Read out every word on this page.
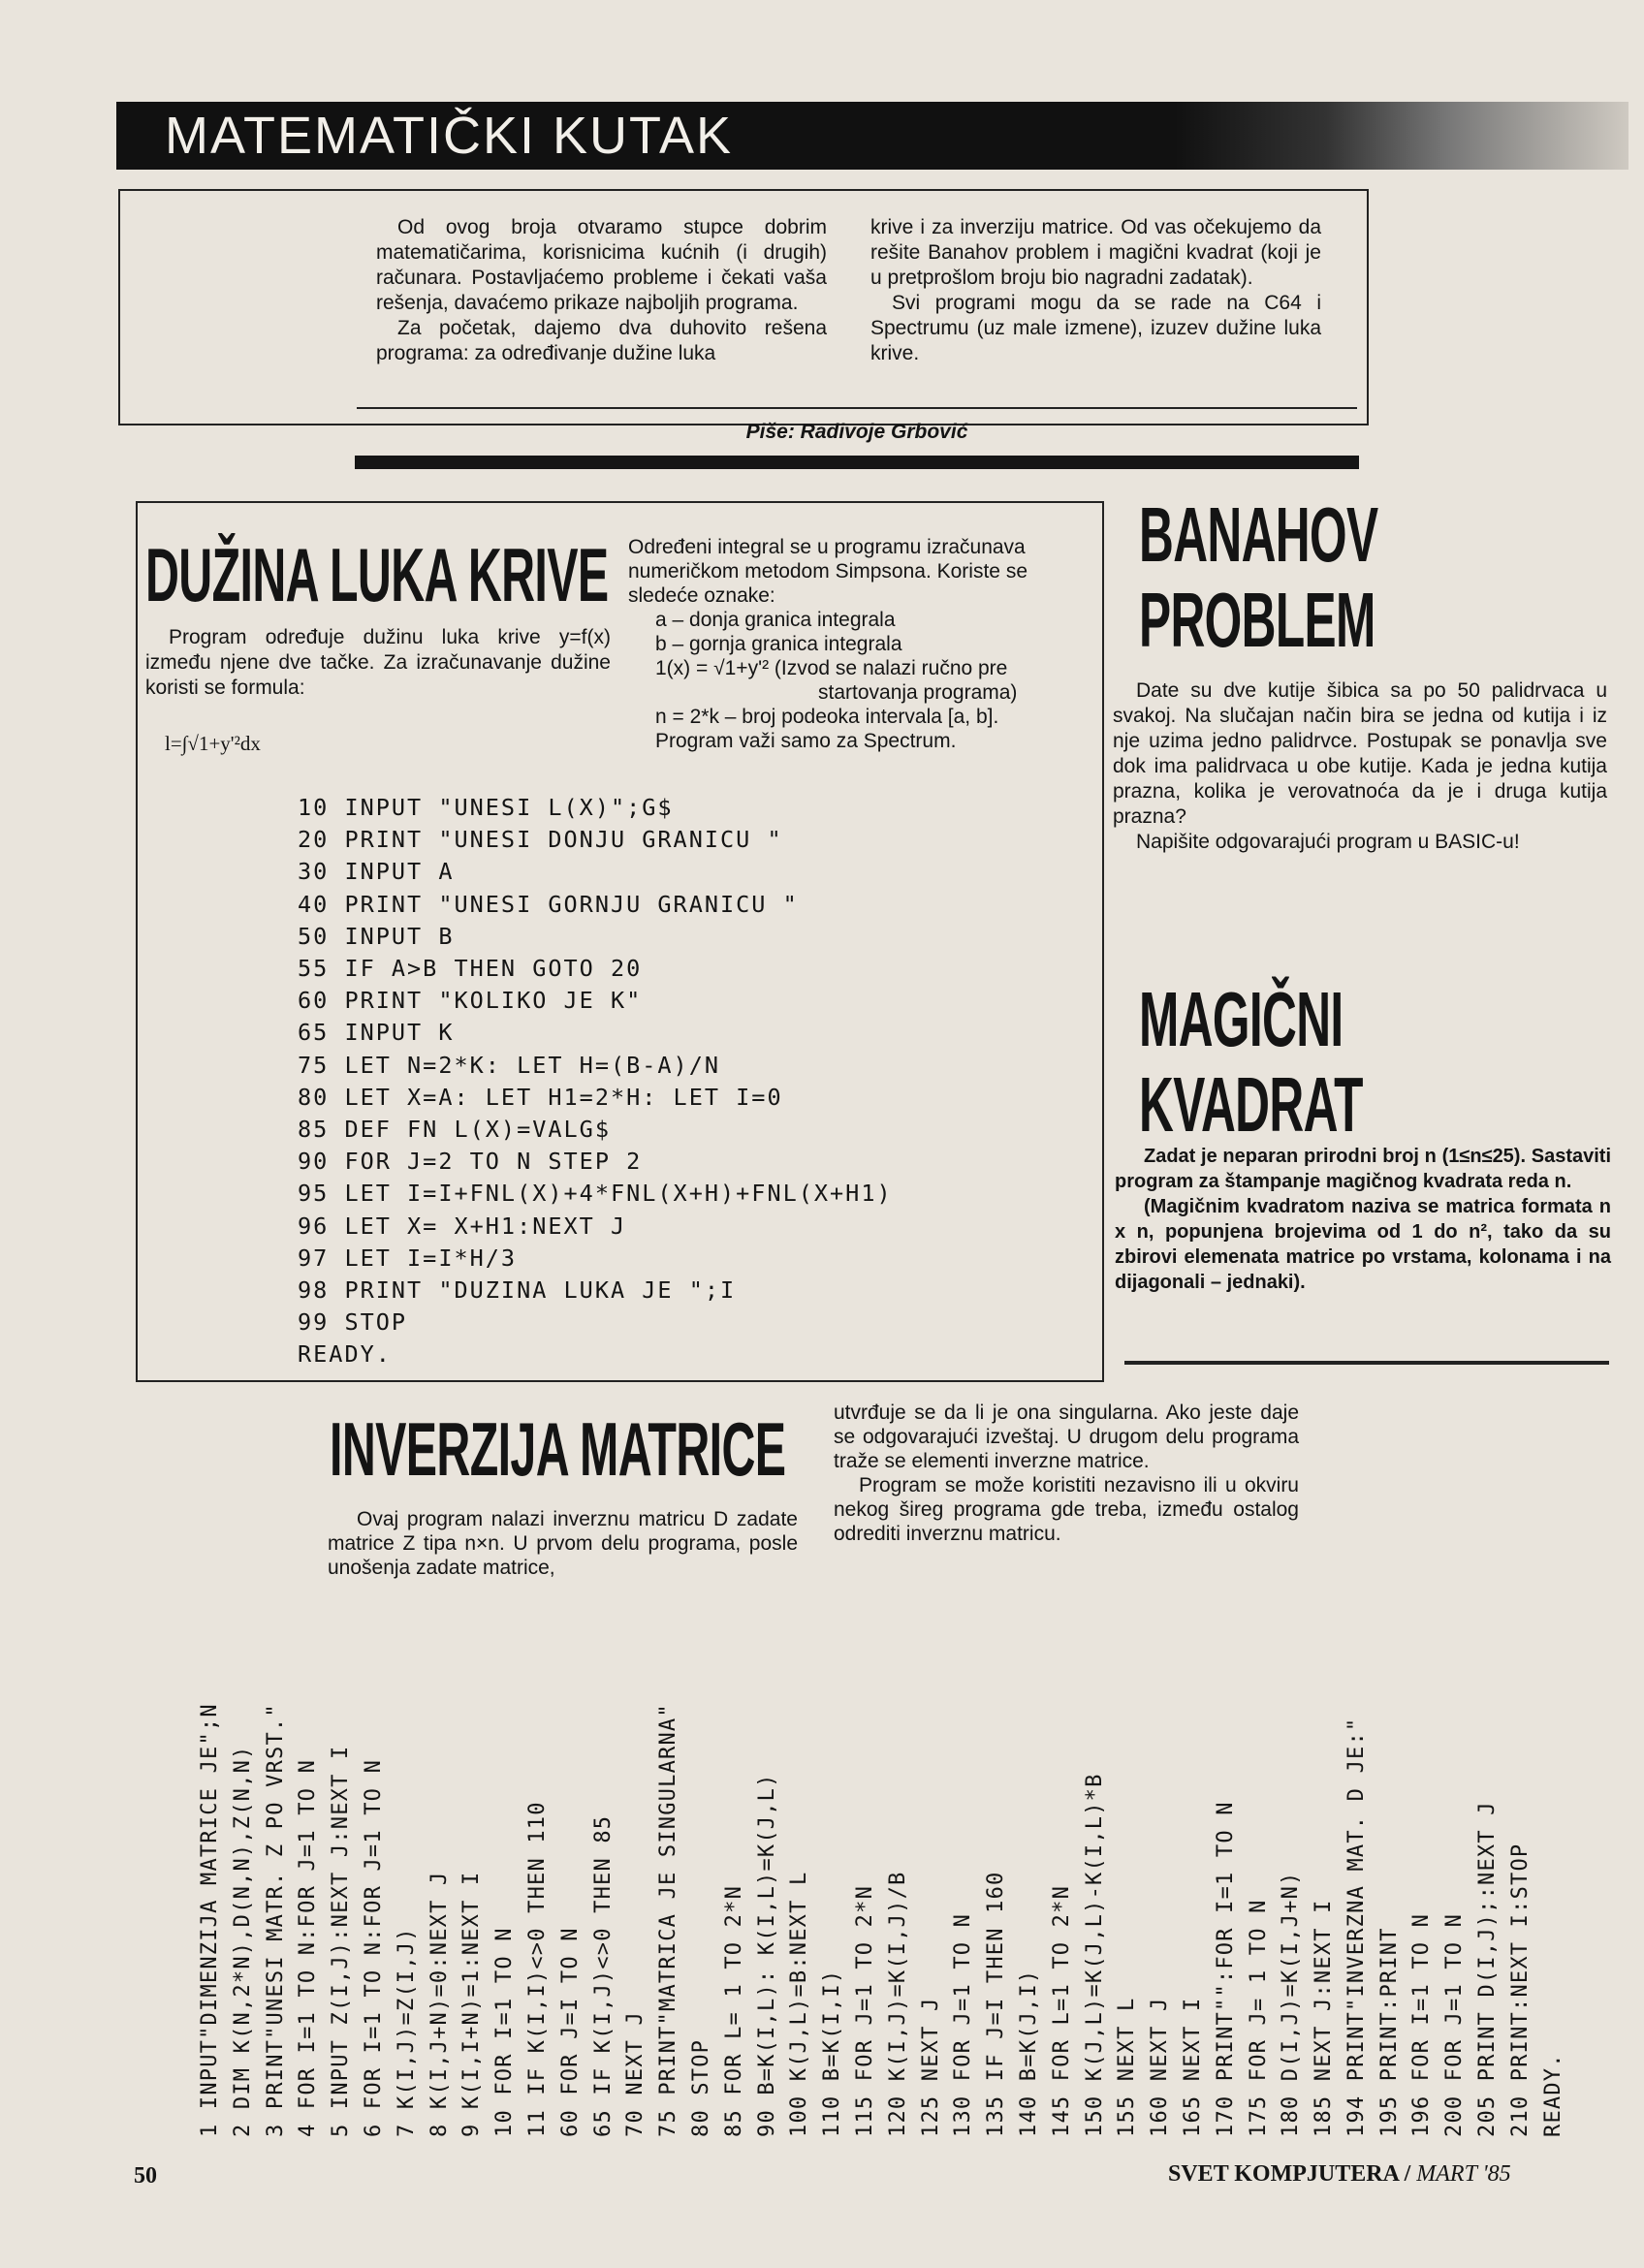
MATEMATIČKI KUTAK

Od ovog broja otvaramo stupce dobrim matematičarima, korisnicima kućnih (i drugih) računara. Postavljaćemo probleme i čekati vaša rešenja, davaćemo prikaze najboljih programa.

Za početak, dajemo dva duhovito rešena programa: za određivanje dužine luka

krive i za inverziju matrice. Od vas očekujemo da rešite Banahov problem i magični kvadrat (koji je u pretprošlom broju bio nagradni zadatak).

Svi programi mogu da se rade na C64 i Spectrumu (uz male izmene), izuzev dužine luka krive.

Piše: Radivoje Grbović
DUŽINA LUKA KRIVE

Program određuje dužinu luka krive y=f(x) između njene dve tačke. Za izračunavanje dužine koristi se formula:

l=∫√1+y'²dx

Određeni integral se u programu izračunava numeričkom metodom Simpsona. Koriste se sledeće oznake:

a – donja granica integrala

b – gornja granica integrala

1(x) = √1+y'² (Izvod se nalazi ručno pre

startovanja programa)

n = 2*k – broj podeoka intervala [a, b].

Program važi samo za Spectrum.

10 INPUT "UNESI L(X)";G$
20 PRINT "UNESI DONJU GRANICU "
30 INPUT A
40 PRINT "UNESI GORNJU GRANICU "
50 INPUT B
55 IF A>B THEN GOTO 20
60 PRINT "KOLIKO JE K"
65 INPUT K
75 LET N=2*K: LET H=(B-A)/N
80 LET X=A: LET H1=2*H: LET I=0
85 DEF FN L(X)=VALG$
90 FOR J=2 TO N STEP 2
95 LET I=I+FNL(X)+4*FNL(X+H)+FNL(X+H1)
96 LET X= X+H1:NEXT J
97 LET I=I*H/3
98 PRINT "DUZINA LUKA JE ";I
99 STOP
READY.
BANAHOV
PROBLEM

Date su dve kutije šibica sa po 50 palidrvaca u svakoj. Na slučajan način bira se jedna od kutija i iz nje uzima jedno palidrvce. Postupak se ponavlja sve dok ima palidrvaca u obe kutije. Kada je jedna kutija prazna, kolika je verovatnoća da je i druga kutija prazna?

Napišite odgovarajući program u BASIC-u!

MAGIČNI
KVADRAT

Zadat je neparan prirodni broj n (1≤n≤25). Sastaviti program za štampanje magičnog kvadrata reda n.

(Magičnim kvadratom naziva se matrica formata n x n, popunjena brojevima od 1 do n², tako da su zbirovi elemenata matrice po vrstama, kolonama i na dijagonali – jednaki).

INVERZIJA MATRICE

Ovaj program nalazi inverznu matricu D zadate matrice Z tipa n×n. U prvom delu programa, posle unošenja zadate matrice,

utvrđuje se da li je ona singularna. Ako jeste daje se odgovarajući izveštaj. U drugom delu programa traže se elementi inverzne matrice.

Program se može koristiti nezavisno ili u okviru nekog šireg programa gde treba, između ostalog odrediti inverznu matricu.

1 INPUT"DIMENZIJA MATRICE JE";N 2 DIM K(N,2*N),D(N,N),Z(N,N) 3 PRINT"UNESI MATR. Z PO VRST." 4 FOR I=1 TO N:FOR J=1 TO N 5 INPUT Z(I,J):NEXT J:NEXT I 6 FOR I=1 TO N:FOR J=1 TO N 7 K(I,J)=Z(I,J) 8 K(I,J+N)=0:NEXT J 9 K(I,I+N)=1:NEXT I 10 FOR I=1 TO N 11 IF K(I,I)<>0 THEN 110 60 FOR J=I TO N 65 IF K(I,J)<>0 THEN 85 70 NEXT J 75 PRINT"MATRICA JE SINGULARNA" 80 STOP 85 FOR L= 1 TO 2*N 90 B=K(I,L): K(I,L)=K(J,L) 100 K(J,L)=B:NEXT L 110 B=K(I,I) 115 FOR J=1 TO 2*N 120 K(I,J)=K(I,J)/B 125 NEXT J 130 FOR J=1 TO N 135 IF J=I THEN 160 140 B=K(J,I) 145 FOR L=1 TO 2*N 150 K(J,L)=K(J,L)-K(I,L)*B 155 NEXT L 160 NEXT J 165 NEXT I 170 PRINT"":FOR I=1 TO N 175 FOR J= 1 TO N 180 D(I,J)=K(I,J+N) 185 NEXT J:NEXT I 194 PRINT"INVERZNA MAT. D JE:" 195 PRINT:PRINT 196 FOR I=1 TO N 200 FOR J=1 TO N 205 PRINT D(I,J);:NEXT J 210 PRINT:NEXT I:STOP READY.
50	SVET KOMPJUTERA / MART '85
